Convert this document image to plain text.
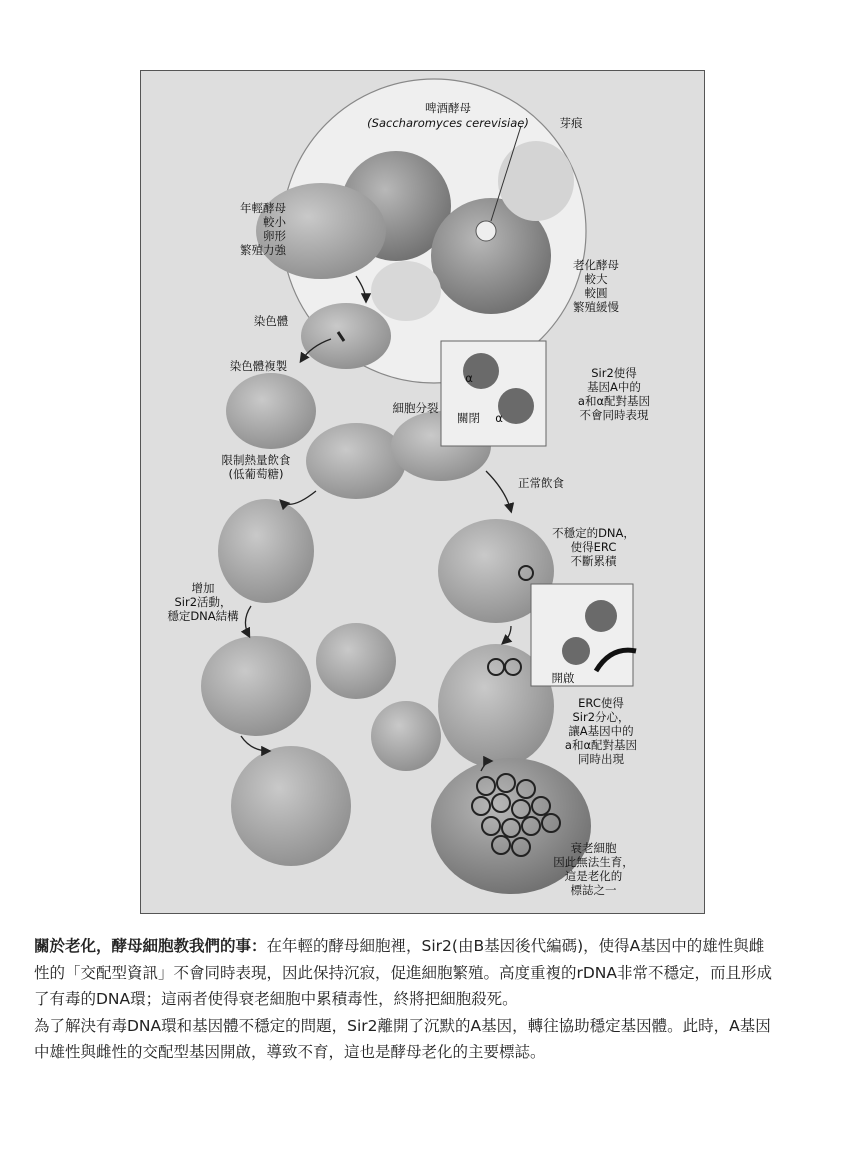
啤酒酵母
(Saccharomyces cerevisiae)	芽痕
年輕酵母
較小
卵形
繁殖力強
老化酵母
較大
較圓
繁殖緩慢
染色體
染色體複製
細胞分裂
關閉
α
α
Sir2使得
基因A中的
a和α配對基因
不會同時表現
限制熱量飲食
(低葡萄糖)
正常飲食
不穩定的DNA，
使得ERC
不斷累積
增加
Sir2活動，
穩定DNA結構
開啟
ERC使得
Sir2分心，
讓A基因中的
a和α配對基因
同時出現
衰老細胞
因此無法生育，
這是老化的
標誌之一

關於老化，酵母細胞教我們的事：在年輕的酵母細胞裡，Sir2(由B基因後代編碼)，使得A基因中的雄性與雌性的「交配型資訊」不會同時表現，因此保持沉寂，促進細胞繁殖。高度重複的rDNA非常不穩定，而且形成了有毒的DNA環；這兩者使得衰老細胞中累積毒性，終將把細胞殺死。

為了解決有毒DNA環和基因體不穩定的問題，Sir2離開了沉默的A基因，轉往協助穩定基因體。此時，A基因中雄性與雌性的交配型基因開啟，導致不育，這也是酵母老化的主要標誌。
